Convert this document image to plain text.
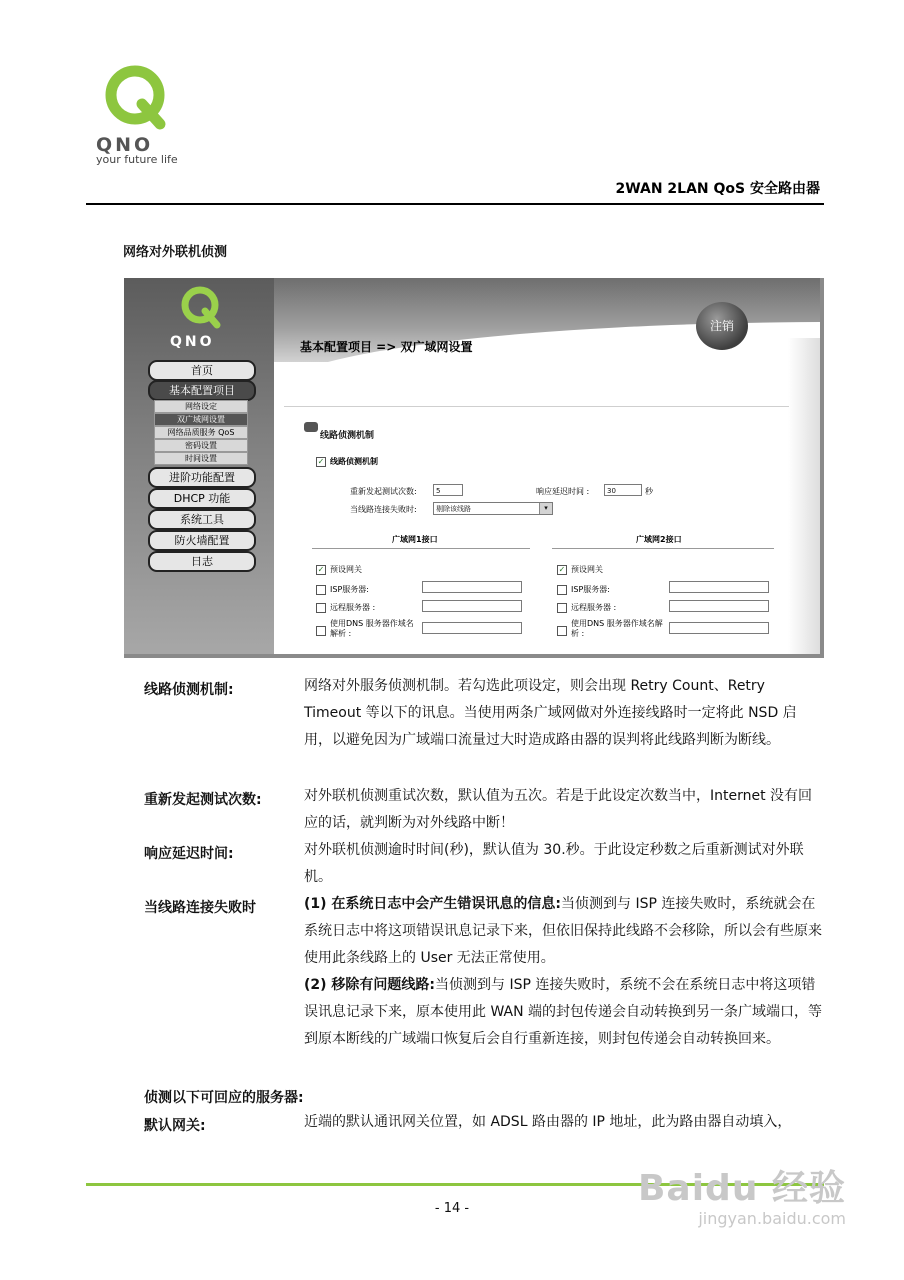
QNO
your future life
2WAN 2LAN QoS 安全路由器
网络对外联机侦测
QNO
注销
基本配置项目 => 双广域网设置
首页
基本配置项目
网络设定
双广域网设置
网络品质服务 QoS
密码设置
时间设置
进阶功能配置
DHCP 功能
系统工具
防火墙配置
日志
线路侦测机制
✓ 线路侦测机制
重新发起测试次数:	5	响应延迟时间 :	30	秒
当线路连接失败时:	剔除该线路	▾
广域网1接口
✓ 预设网关
ISP服务器:
远程服务器 :
使用DNS 服务器作域名解析 :
广域网2接口
✓ 预设网关
ISP服务器:
远程服务器 :
使用DNS 服务器作域名解析 :
线路侦测机制:	网络对外服务侦测机制。若勾选此项设定，则会出现 Retry Count、Retry Timeout 等以下的讯息。当使用两条广域网做对外连接线路时一定将此 NSD 启用，以避免因为广域端口流量过大时造成路由器的误判将此线路判断为断线。
重新发起测试次数:	对外联机侦测重试次数，默认值为五次。若是于此设定次数当中，Internet 没有回应的话，就判断为对外线路中断！
响应延迟时间:	对外联机侦测逾时时间(秒)，默认值为 30.秒。于此设定秒数之后重新测试对外联机。
当线路连接失败时	(1) 在系统日志中会产生错误讯息的信息:当侦测到与 ISP 连接失败时，系统就会在系统日志中将这项错误讯息记录下来，但依旧保持此线路不会移除，所以会有些原来使用此条线路上的 User 无法正常使用。
(2) 移除有问题线路:当侦测到与 ISP 连接失败时，系统不会在系统日志中将这项错误讯息记录下来，原本使用此 WAN 端的封包传递会自动转换到另一条广域端口，等到原本断线的广域端口恢复后会自行重新连接，则封包传递会自动转换回来。
侦测以下可回应的服务器:
默认网关:	近端的默认通讯网关位置，如 ADSL 路由器的 IP 地址，此为路由器自动填入，
- 14 -	Baidu 经验
jingyan.baidu.com
